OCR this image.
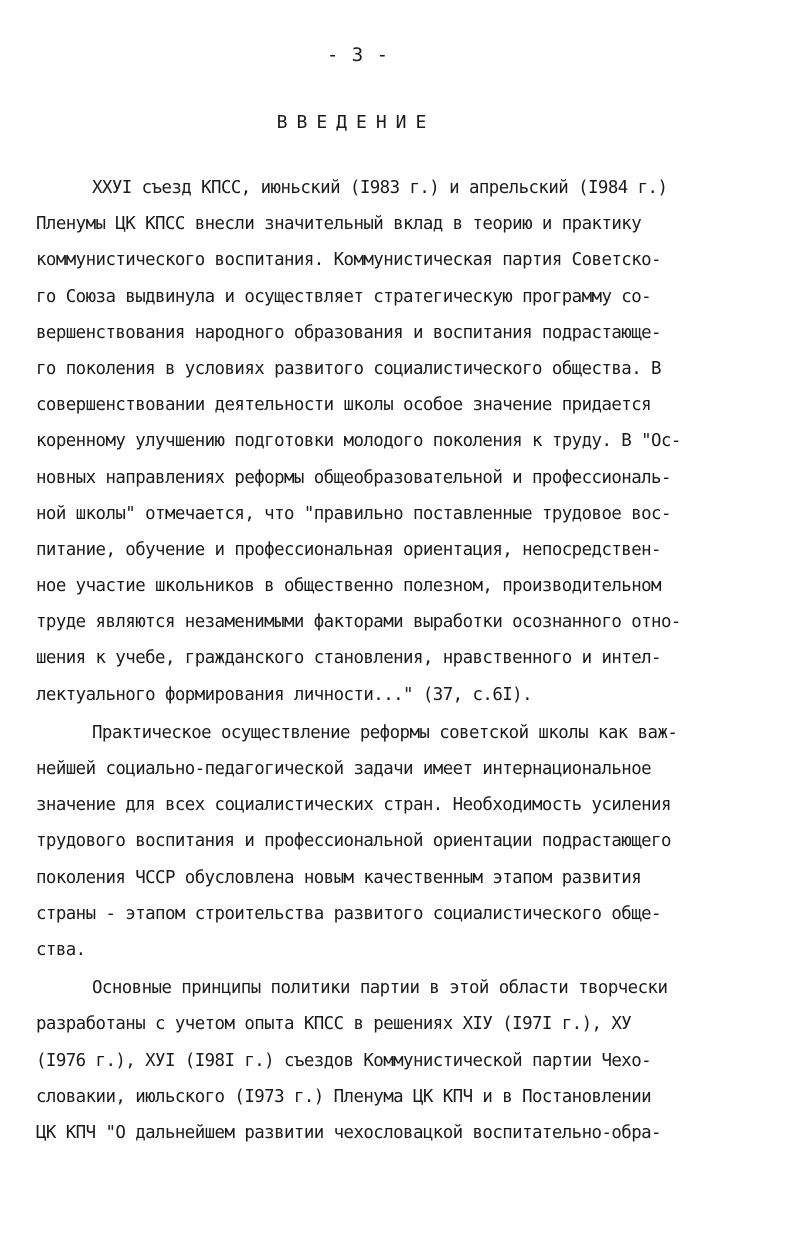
- 3 -
ВВЕДЕНИЕ
XXУI съезд КПСС, июньский (I983 г.) и апрельский (I984 г.)
Пленумы ЦК КПСС внесли значительный вклад в теорию и практику
коммунистического воспитания. Коммунистическая партия Советско-
го Союза выдвинула и осуществляет стратегическую программу со-
вершенствования народного образования и воспитания подрастающе-
го поколения в условиях развитого социалистического общества. В
совершенствовании деятельности школы особое значение придается
коренному улучшению подготовки молодого поколения к труду. В "Ос-
новных направлениях реформы общеобразовательной и профессиональ-
ной школы" отмечается, что "правильно поставленные трудовое вос-
питание, обучение и профессиональная ориентация, непосредствен-
ное участие школьников в общественно полезном, производительном
труде являются незаменимыми факторами выработки осознанного отно-
шения к учебе, гражданского становления, нравственного и интел-
лектуального формирования личности..." (37, с.6I).
Практическое осуществление реформы советской школы как важ-
нейшей социально-педагогической задачи имеет интернациональное
значение для всех социалистических стран. Необходимость усиления
трудового воспитания и профессиональной ориентации подрастающего
поколения ЧССР обусловлена новым качественным этапом развития
страны - этапом строительства развитого социалистического обще-
ства.
Основные принципы политики партии в этой области творчески
разработаны с учетом опыта КПСС в решениях XIУ (I97I г.), XУ
(I976 г.), XУI (I98I г.) съездов Коммунистической партии Чехо-
словакии, июльского (I973 г.) Пленума ЦК КПЧ и в Постановлении
ЦК КПЧ "О дальнейшем развитии чехословацкой воспитательно-обра-
